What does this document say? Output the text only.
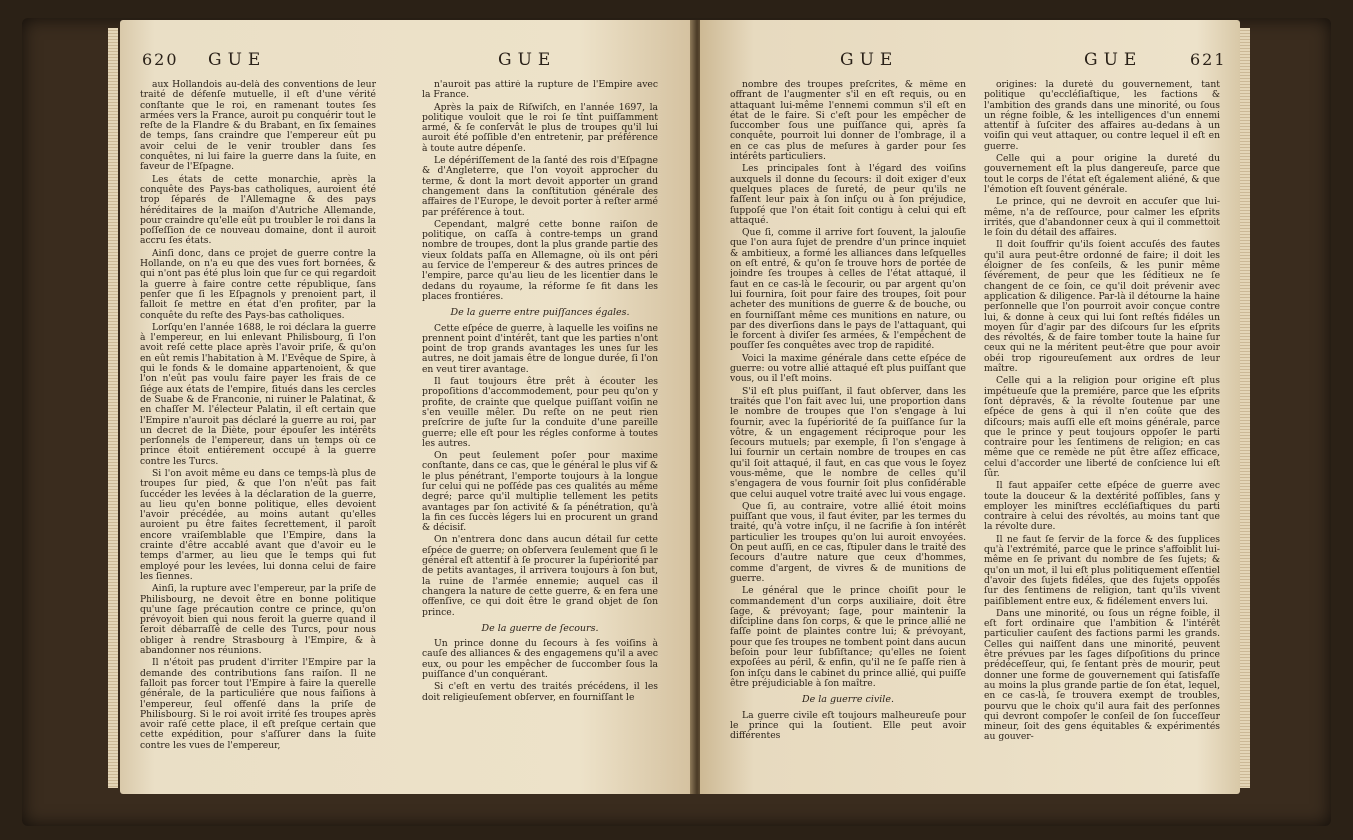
620 GUE	GUE

aux Hollandois au-delà des conventions de leur traité de défenſe mutuelle, il eſt d'une vérité conſtante que le roi, en ramenant toutes ſes armées vers la France, auroit pu conquérir tout le reſte de la Flandre & du Brabant, en ſix ſemaines de temps, ſans craindre que l'empereur eût pu avoir celui de le venir troubler dans ſes conquêtes, ni lui faire la guerre dans la ſuite, en faveur de l'Eſpagne.

Les états de cette monarchie, après la conquête des Pays-bas catholiques, auroient été trop ſéparés de l'Allemagne & des pays héréditaires de la maiſon d'Autriche Allemande, pour craindre qu'elle eût pu troubler le roi dans la poſſeſſion de ce nouveau domaine, dont il auroit accru ſes états.

Ainſi donc, dans ce projet de guerre contre la Hollande, on n'a eu que des vues fort bornées, & qui n'ont pas été plus loin que ſur ce qui regardoit la guerre à faire contre cette république, ſans penſer que ſi les Eſpagnols y prenoient part, il falloit ſe mettre en état d'en profiter, par la conquête du reſte des Pays-bas catholiques.

Lorſqu'en l'année 1688, le roi déclara la guerre à l'empereur, en lui enlevant Philisbourg, ſi l'on avoit reſé cette place après l'avoir priſe, & qu'on en eût remis l'habitation à M. l'Evêque de Spire, à qui le fonds & le domaine appartenoient, & que l'on n'eût pas voulu faire payer les frais de ce ſiége aux états de l'empire, ſitués dans les cercles de Suabe & de Franconie, ni ruiner le Palatinat, & en chaſſer M. l'électeur Palatin, il eſt certain que l'Empire n'auroit pas déclaré la guerre au roi, par un decret de la Diète, pour épouſer les intérêts perſonnels de l'empereur, dans un temps où ce prince étoit entiérement occupé à la guerre contre les Turcs.

Si l'on avoit même eu dans ce temps-là plus de troupes ſur pied, & que l'on n'eût pas fait ſuccéder les levées à la déclaration de la guerre, au lieu qu'en bonne politique, elles devoient l'avoir précédée, au moins autant qu'elles auroient pu être faites ſecrettement, il paroît encore vraiſemblable que l'Empire, dans la crainte d'être accablé avant que d'avoir eu le temps d'armer, au lieu que le temps qui fut employé pour les levées, lui donna celui de faire les ſiennes.

Ainſi, la rupture avec l'empereur, par la priſe de Philisbourg, ne devoit être en bonne politique qu'une ſage précaution contre ce prince, qu'on prévoyoit bien qui nous feroit la guerre quand il ſeroit débarraſſé de celle des Turcs, pour nous obliger à rendre Strasbourg à l'Empire, & à abandonner nos réunions.

Il n'étoit pas prudent d'irriter l'Empire par la demande des contributions ſans raiſon. Il ne falloit pas forcer tout l'Empire à faire la querelle générale, de la particuliére que nous faiſions à l'empereur, ſeul offenſé dans la priſe de Philisbourg. Si le roi avoit irrité ſes troupes après avoir raſé cette place, il eſt preſque certain que cette expédition, pour s'aſſurer dans la ſuite contre les vues de l'empereur,

n'auroit pas attiré la rupture de l'Empire avec la France.

Après la paix de Riſwiſch, en l'année 1697, la politique vouloit que le roi ſe tînt puiſſamment armé, & ſe conſervât le plus de troupes qu'il lui auroit été poſſible d'en entretenir, par préférence à toute autre dépenſe.

Le dépériſſement de la ſanté des rois d'Eſpagne & d'Angleterre, que l'on voyoit approcher du terme, & dont la mort devoit apporter un grand changement dans la conſtitution générale des affaires de l'Europe, le devoit porter à reſter armé par préférence à tout.

Cependant, malgré cette bonne raiſon de politique, on caſſa à contre-temps un grand nombre de troupes, dont la plus grande partie des vieux ſoldats paſſa en Allemagne, où ils ont péri au ſervice de l'empereur & des autres princes de l'empire, parce qu'au lieu de les licentier dans le dedans du royaume, la réforme ſe fit dans les places frontiéres.

De la guerre entre puiſſances égales.

Cette eſpéce de guerre, à laquelle les voiſins ne prennent point d'intérêt, tant que les parties n'ont point de trop grands avantages les unes ſur les autres, ne doit jamais être de longue durée, ſi l'on en veut tirer avantage.

Il faut toujours être prêt à écouter les propoſitions d'accommodement, pour peu qu'on y profite, de crainte que quelque puiſſant voiſin ne s'en veuille mêler. Du reſte on ne peut rien preſcrire de juſte ſur la conduite d'une pareille guerre; elle eſt pour les régles conforme à toutes les autres.

On peut ſeulement poſer pour maxime conſtante, dans ce cas, que le général le plus vif & le plus pénétrant, l'emporte toujours à la longue ſur celui qui ne poſſéde pas ces qualités au même degré; parce qu'il multiplie tellement les petits avantages par ſon activité & ſa pénétration, qu'à la fin ces ſuccès légers lui en procurent un grand & décisif.

On n'entrera donc dans aucun détail ſur cette eſpéce de guerre; on obſervera ſeulement que ſi le général eſt attentif à ſe procurer la ſupériorité par de petits avantages, il arrivera toujours à ſon but, la ruine de l'armée ennemie; auquel cas il changera la nature de cette guerre, & en fera une offenſive, ce qui doit être le grand objet de ſon prince.

De la guerre de ſecours.

Un prince donne du ſecours à ſes voiſins à cauſe des alliances & des engagemens qu'il a avec eux, ou pour les empêcher de ſuccomber ſous la puiſſance d'un conquérant.

Si c'eſt en vertu des traités précédens, il les doit religieuſement obſerver, en fourniſſant le

GUE	GUE	621

nombre des troupes preſcrites, & même en offrant de l'augmenter s'il en eſt requis, ou en attaquant lui-même l'ennemi commun s'il eſt en état de le faire. Si c'eſt pour les empêcher de ſuccomber ſous une puiſſance qui, après ſa conquête, pourroit lui donner de l'ombrage, il a en ce cas plus de meſures à garder pour ſes intérêts particuliers.

Les principales ſont à l'égard des voiſins auxquels il donne du ſecours: il doit exiger d'eux quelques places de ſureté, de peur qu'ils ne faſſent leur paix à ſon inſçu ou à ſon préjudice, ſuppoſé que l'on était ſoit contigu à celui qui eſt attaqué.

Que ſi, comme il arrive fort ſouvent, la jalouſie que l'on aura ſujet de prendre d'un prince inquiet & ambitieux, a formé les alliances dans leſquelles on eſt entré, & qu'on ſe trouve hors de portée de joindre ſes troupes à celles de l'état attaqué, il faut en ce cas-là le ſecourir, ou par argent qu'on lui fournira, ſoit pour faire des troupes, ſoit pour acheter des munitions de guerre & de bouche, ou en fourniſſant même ces munitions en nature, ou par des diverſions dans le pays de l'attaquant, qui le forcent à diviſer ſes armées, & l'empêchent de pouſſer ſes conquêtes avec trop de rapidité.

Voici la maxime générale dans cette eſpéce de guerre: ou votre allié attaqué eſt plus puiſſant que vous, ou il l'eſt moins.

S'il eſt plus puiſſant, il faut obſerver, dans les traités que l'on fait avec lui, une proportion dans le nombre de troupes que l'on s'engage à lui fournir, avec la ſupériorité de ſa puiſſance ſur la vôtre, & un engagement réciproque pour les ſecours mutuels; par exemple, ſi l'on s'engage à lui fournir un certain nombre de troupes en cas qu'il ſoit attaqué, il faut, en cas que vous le ſoyez vous-même, que le nombre de celles qu'il s'engagera de vous fournir ſoit plus conſidérable que celui auquel votre traité avec lui vous engage.

Que ſi, au contraire, votre allié étoit moins puiſſant que vous, il faut éviter, par les termes du traité, qu'à votre inſçu, il ne ſacrifie à ſon intérêt particulier les troupes qu'on lui auroit envoyées. On peut auſſi, en ce cas, ſtipuler dans le traité des ſecours d'autre nature que ceux d'hommes, comme d'argent, de vivres & de munitions de guerre.

Le général que le prince choiſit pour le commandement d'un corps auxiliaire, doit être ſage, & prévoyant; ſage, pour maintenir la diſcipline dans ſon corps, & que le prince allié ne faſſe point de plaintes contre lui; & prévoyant, pour que ſes troupes ne tombent point dans aucun beſoin pour leur ſubſiſtance; qu'elles ne ſoient expoſées au péril, & enfin, qu'il ne ſe paſſe rien à ſon inſçu dans le cabinet du prince allié, qui puiſſe être préjudiciable à ſon maître.

De la guerre civile.

La guerre civile eſt toujours malheureuſe pour le prince qui la ſoutient. Elle peut avoir différentes

origines: la dureté du gouvernement, tant politique qu'eccléſiaſtique, les factions & l'ambition des grands dans une minorité, ou ſous un régne foible, & les intelligences d'un ennemi attentif à ſuſciter des affaires au-dedans à un voiſin qui veut attaquer, ou contre lequel il eſt en guerre.

Celle qui a pour origine la dureté du gouvernement eſt la plus dangereuſe, parce que tout le corps de l'état eſt également aliéné, & que l'émotion eſt ſouvent générale.

Le prince, qui ne devroit en accuſer que lui-même, n'a de reſſource, pour calmer les eſprits irrités, que d'abandonner ceux à qui il commettoit le ſoin du détail des affaires.

Il doit ſouffrir qu'ils ſoient accuſés des fautes qu'il aura peut-être ordonné de faire; il doit les éloigner de ſes conſeils, & les punir même ſévérement, de peur que les ſéditieux ne ſe changent de ce ſoin, ce qu'il doit prévenir avec application & diligence. Par-là il détourne la haine perſonnelle que l'on pourroit avoir conçue contre lui, & donne à ceux qui lui ſont reſtés fidéles un moyen ſûr d'agir par des diſcours ſur les eſprits des révoltés, & de faire tomber toute la haine ſur ceux qui ne la méritent peut-être que pour avoir obéi trop rigoureuſement aux ordres de leur maître.

Celle qui a la religion pour origine eſt plus impétueuſe que la premiére, parce que les eſprits ſont dépravés, & la révolte ſoutenue par une eſpéce de gens à qui il n'en coûte que des diſcours; mais auſſi elle eſt moins générale, parce que le prince y peut toujours oppoſer le parti contraire pour les ſentimens de religion; en cas même que ce remède ne pût être aſſez efficace, celui d'accorder une liberté de conſcience lui eſt ſûr.

Il faut appaiſer cette eſpéce de guerre avec toute la douceur & la dextérité poſſibles, ſans y employer les miniſtres eccléſiaſtiques du parti contraire à celui des révoltés, au moins tant que la révolte dure.

Il ne faut ſe ſervir de la force & des ſupplices qu'à l'extrémité, parce que le prince s'affoiblit lui-même en ſe privant du nombre de ſes ſujets; & qu'on un mot, il lui eſt plus politiquement eſſentiel d'avoir des ſujets fidéles, que des ſujets oppoſés ſur des ſentimens de religion, tant qu'ils vivent paiſiblement entre eux, & fidélement envers lui.

Dans une minorité, ou ſous un régne foible, il eſt fort ordinaire que l'ambition & l'intérêt particulier cauſent des factions parmi les grands. Celles qui naiſſent dans une minorité, peuvent être prévues par les ſages diſpoſitions du prince prédéceſſeur, qui, ſe ſentant près de mourir, peut donner une forme de gouvernement qui ſatisfaſſe au moins la plus grande partie de ſon état, lequel, en ce cas-là, ſe trouvera exempt de troubles, pourvu que le choix qu'il aura fait des perſonnes qui devront compoſer le conſeil de ſon ſucceſſeur mineur, ſoit des gens équitables & expérimentés au gouver-
